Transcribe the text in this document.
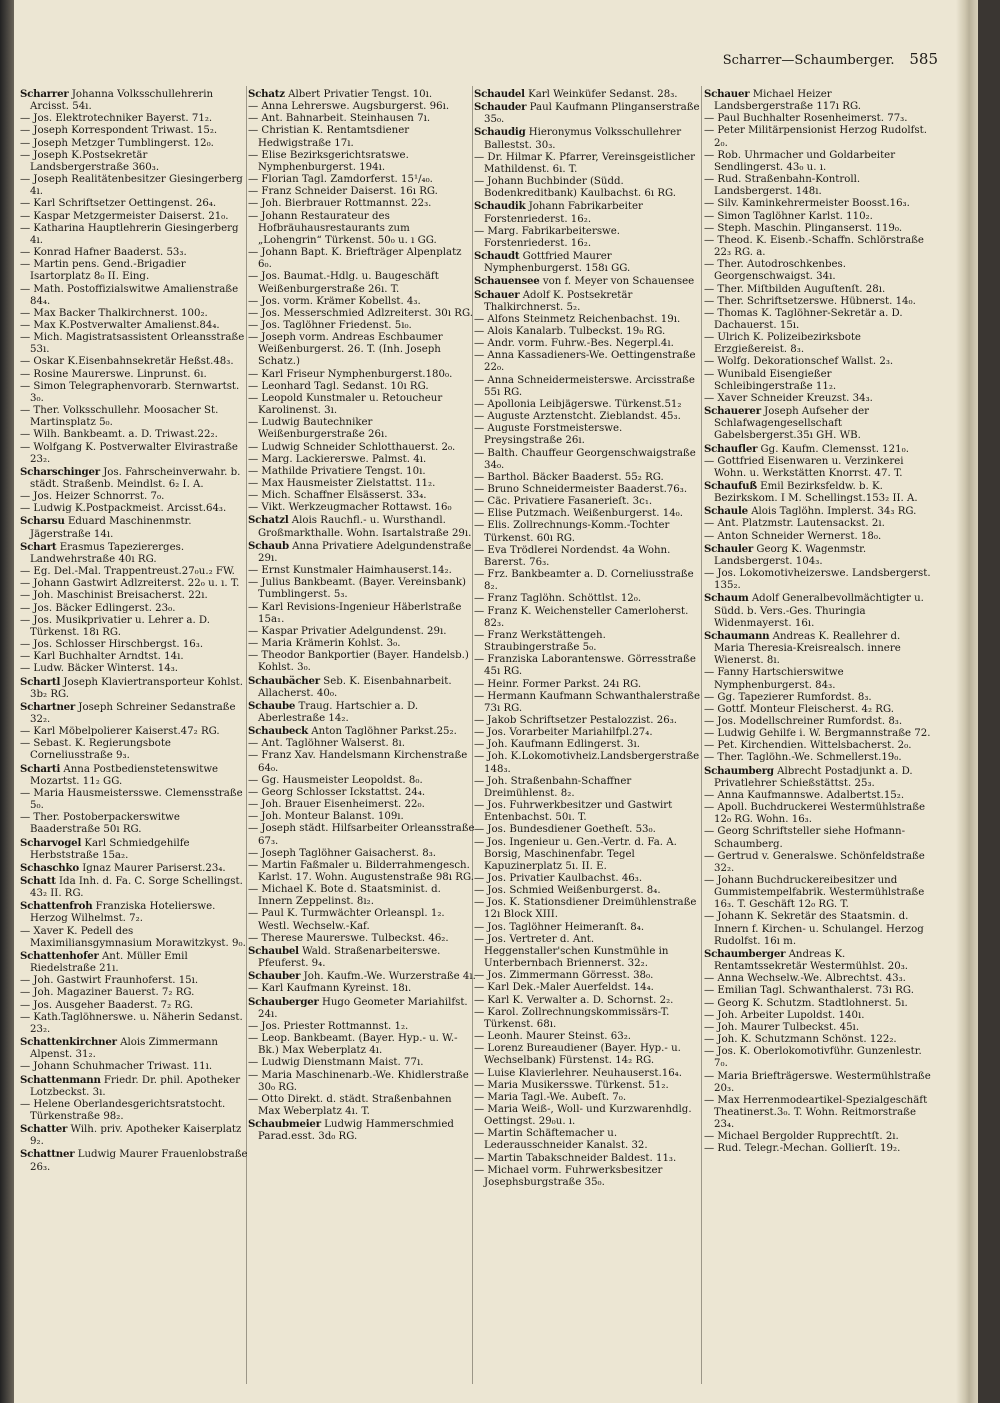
Scharrer—Schaumberger. 585

Scharrer Johanna Volksschullehrerin Arcisst. 54ı.

— Jos. Elektrotechniker Bayerst. 71₂.

— Joseph Korrespondent Triwast. 15₂.

— Joseph Metzger Tumblingerst. 12₀.

— Joseph K.Postsekretär Landsbergerstraße 360₃.

— Joseph Realitätenbesitzer Giesingerberg 4ı.

— Karl Schriftsetzer Oettingenst. 26₄.

— Kaspar Metzgermeister Daiserst. 21₀.

— Katharina Hauptlehrerin Giesingerberg 4ı.

— Konrad Hafner Baaderst. 53₃.

— Martin pens. Gend.-Brigadier Isartorplatz 8₀ II. Eing.

— Math. Postoffizialswitwe Amalienstraße 84₄.

— Max Backer Thalkirchnerst. 100₂.

— Max K.Postverwalter Amalienst.84₄.

— Mich. Magistratsassistent Orleansstraße 53ı.

— Oskar K.Eisenbahnsekretär Heßst.48₃.

— Rosine Maurerswe. Linprunst. 6ı.

— Simon Telegraphenvorarb. Sternwartst. 3₀.

— Ther. Volksschullehr. Moosacher St. Martinsplatz 5₀.

— Wilh. Bankbeamt. a. D. Triwast.22₂.

— Wolfgang K. Postverwalter Elvirastraße 23₂.

Scharschinger Jos. Fahrscheinverwahr. b. städt. Straßenb. Meindlst. 6₂ I. A.

— Jos. Heizer Schnorrst. 7₀.

— Ludwig K.Postpackmeist. Arcisst.64₃.

Scharsu Eduard Maschinenmstr. Jägerstraße 14ı.

Schart Erasmus Tapeziererges. Landwehrstraße 40ı RG.

— Eg. Del.-Mal. Trappentreust.27₀u.₂ FW.

— Johann Gastwirt Adlzreiterst. 22₀ u. ı. T.

— Joh. Maschinist Breisacherst. 22ı.

— Jos. Bäcker Edlingerst. 23₀.

— Jos. Musikprivatier u. Lehrer a. D. Türkenst. 18ı RG.

— Jos. Schlosser Hirschbergst. 16₃.

— Karl Buchhalter Arndtst. 14ı.

— Ludw. Bäcker Winterst. 14₃.

Schartl Joseph Klaviertransporteur Kohlst. 3b₂ RG.

Schartner Joseph Schreiner Sedanstraße 32₂.

— Karl Möbelpolierer Kaiserst.47₂ RG.

— Sebast. K. Regierungsbote Corneliusstraße 9₃.

Scharti Anna Postbedienstetenswitwe Mozartst. 11₂ GG.

— Maria Hausmeistersswe. Clemensstraße 5₀.

— Ther. Postoberpackerswitwe Baaderstraße 50ı RG.

Scharvogel Karl Schmiedgehilfe Herbststraße 15a₂.

Schaschko Ignaz Maurer Pariserst.23₄.

Schatt Ida Inh. d. Fa. C. Sorge Schellingst. 43₂ II. RG.

Schattenfroh Franziska Hotelierswe. Herzog Wilhelmst. 7₂.

— Xaver K. Pedell des Maximiliansgymnasium Morawitzkyst. 9₀.

Schattenhofer Ant. Müller Emil Riedelstraße 21ı.

— Joh. Gastwirt Fraunhoferst. 15ı.

— Joh. Magaziner Bauerst. 7₂ RG.

— Jos. Ausgeher Baaderst. 7₂ RG.

— Kath.Taglöhnerswe. u. Näherin Sedanst. 23₂.

Schattenkirchner Alois Zimmermann Alpenst. 31₂.

— Johann Schuhmacher Triwast. 11ı.

Schattenmann Friedr. Dr. phil. Apotheker Lotzbeckst. 3ı.

— Helene Oberlandesgerichtsratstocht. Türkenstraße 98₂.

Schatter Wilh. priv. Apotheker Kaiserplatz 9₂.

Schattner Ludwig Maurer Frauenlobstraße 26₃.

Schatz Albert Privatier Tengst. 10ı.

— Anna Lehrerswe. Augsburgerst. 96ı.

— Ant. Bahnarbeit. Steinhausen 7ı.

— Christian K. Rentamtsdiener Hedwigstraße 17ı.

— Elise Bezirksgerichtsratswe. Nymphenburgerst. 194ı.

— Florian Tagl. Zamdorferst. 15¹/₄₀.

— Franz Schneider Daiserst. 16ı RG.

— Joh. Bierbrauer Rottmannst. 22₃.

— Johann Restaurateur des Hofbräuhausrestaurants zum „Lohengrin“ Türkenst. 50₀ u. ı GG.

— Johann Bapt. K. Briefträger Alpenplatz 6₀.

— Jos. Baumat.-Hdlg. u. Baugeschäft Weißenburgerstraße 26ı. T.

— Jos. vorm. Krämer Kobellst. 4₃.

— Jos. Messerschmied Adlzreiterst. 30ı RG.

— Jos. Taglöhner Friedenst. 5ı₀.

— Joseph vorm. Andreas Eschbaumer Weißenburgerst. 26. T. (Inh. Joseph Schatz.)

— Karl Friseur Nymphenburgerst.180₀.

— Leonhard Tagl. Sedanst. 10ı RG.

— Leopold Kunstmaler u. Retoucheur Karolinenst. 3ı.

— Ludwig Bautechniker Weißenburgerstraße 26ı.

— Ludwig Schneider Schlotthauerst. 2₀.

— Marg. Lackiererswe. Palmst. 4ı.

— Mathilde Privatiere Tengst. 10ı.

— Max Hausmeister Zielstattst. 11₂.

— Mich. Schaffner Elsässerst. 33₄.

— Vikt. Werkzeugmacher Rottawst. 16₀

Schatzl Alois Rauchfl.- u. Wursthandl. Großmarkthalle. Wohn. Isartalstraße 29ı.

Schaub Anna Privatiere Adelgundenstraße 29ı.

— Ernst Kunstmaler Haimhauserst.14₂.

— Julius Bankbeamt. (Bayer. Vereinsbank) Tumblingerst. 5₃.

— Karl Revisions-Ingenieur Häberlstraße 15a₁.

— Kaspar Privatier Adelgundenst. 29ı.

— Maria Krämerin Kohlst. 3₀.

— Theodor Bankportier (Bayer. Handelsb.) Kohlst. 3₀.

Schaubächer Seb. K. Eisenbahnarbeit. Allacherst. 40₀.

Schaube Traug. Hartschier a. D. Aberlestraße 14₂.

Schaubeck Anton Taglöhner Parkst.25₂.

— Ant. Taglöhner Walserst. 8ı.

— Franz Xav. Handelsmann Kirchenstraße 64₀.

— Gg. Hausmeister Leopoldst. 8₀.

— Georg Schlosser Ickstattst. 24₄.

— Joh. Brauer Eisenheimerst. 22₀.

— Joh. Monteur Balanst. 109ı.

— Joseph städt. Hilfsarbeiter Orleansstraße 67₃.

— Joseph Taglöhner Gaisacherst. 8₃.

— Martin Faßmaler u. Bilderrahmengesch. Karlst. 17. Wohn. Augustenstraße 98ı RG.

— Michael K. Bote d. Staatsminist. d. Innern Zeppelinst. 8ı₂.

— Paul K. Turmwächter Orleanspl. 1₂. Westl. Wechselw.-Kaf.

— Therese Maurerswe. Tulbeckst. 46₂.

Schaubel Wald. Straßenarbeiterswe. Pfeuferst. 9₄.

Schauber Joh. Kaufm.-We. Wurzerstraße 4ı.

— Karl Kaufmann Kyreinst. 18ı.

Schauberger Hugo Geometer Mariahilfst. 24ı.

— Jos. Priester Rottmannst. 1₂.

— Leop. Bankbeamt. (Bayer. Hyp.- u. W.-Bk.) Max Weberplatz 4ı.

— Ludwig Dienstmann Maist. 77ı.

— Maria Maschinenarb.-We. Khidlerstraße 30₀ RG.

— Otto Direkt. d. städt. Straßenbahnen Max Weberplatz 4ı. T.

Schaubmeier Ludwig Hammerschmied Parad.esst. 3d₀ RG.

Schaudel Karl Weinküfer Sedanst. 28₃.

Schauder Paul Kaufmann Plinganserstraße 35₀.

Schaudig Hieronymus Volksschullehrer Ballestst. 30₃.

— Dr. Hilmar K. Pfarrer, Vereinsgeistlicher Mathildenst. 6ı. T.

— Johann Buchbinder (Südd. Bodenkreditbank) Kaulbachst. 6ı RG.

Schaudik Johann Fabrikarbeiter Forstenriederst. 16₂.

— Marg. Fabrikarbeiterswe. Forstenriederst. 16₂.

Schaudt Gottfried Maurer Nymphenburgerst. 158ı GG.

Schauensee von f. Meyer von Schauensee

Schauer Adolf K. Postsekretär Thalkirchnerst. 5₂.

— Alfons Steinmetz Reichenbachst. 19ı.

— Alois Kanalarb. Tulbeckst. 19₀ RG.

— Andr. vorm. Fuhrw.-Bes. Negerpl.4ı.

— Anna Kassadieners-We. Oettingenstraße 22₀.

— Anna Schneidermeisterswe. Arcisstraße 55ı RG.

— Apollonia Leibjägerswe. Türkenst.51₂

— Auguste Arztenstcht. Zieblandst. 45₃.

— Auguste Forstmeisterswe. Preysingstraße 26ı.

— Balth. Chauffeur Georgenschwaigstraße 34₀.

— Barthol. Bäcker Baaderst. 55₂ RG.

— Bruno Schneidermeister Baaderst.76₃.

— Cäc. Privatiere Fasanerieſt. 3c₁.

— Elise Putzmach. Weißenburgerst. 14₀.

— Elis. Zollrechnungs-Komm.-Tochter Türkenst. 60ı RG.

— Eva Trödlerei Nordendst. 4a Wohn. Barerst. 76₃.

— Frz. Bankbeamter a. D. Corneliusstraße 8₂.

— Franz Taglöhn. Schöttlst. 12₀.

— Franz K. Weichensteller Camerloherst. 82₃.

— Franz Werkstättengeh. Straubingerstraße 5₀.

— Franziska Laborantenswe. Görresstraße 45ı RG.

— Heinr. Former Parkst. 24ı RG.

— Hermann Kaufmann Schwanthalerstraße 73ı RG.

— Jakob Schriftsetzer Pestalozzist. 26₃.

— Jos. Vorarbeiter Mariahilfpl.27₄.

— Joh. Kaufmann Edlingerst. 3ı.

— Joh. K.Lokomotivheiz.Landsbergerstraße 148₃.

— Joh. Straßenbahn-Schaffner Dreimühlenst. 8₂.

— Jos. Fuhrwerkbesitzer und Gastwirt Entenbachst. 50ı. T.

— Jos. Bundesdiener Goetheſt. 53₀.

— Jos. Ingenieur u. Gen.-Vertr. d. Fa. A. Borsig, Maschinenfabr. Tegel Kapuzinerplatz 5ı. II. E.

— Jos. Privatier Kaulbachst. 46₃.

— Jos. Schmied Weißenburgerst. 8₄.

— Jos. K. Stationsdiener Dreimühlenstraße 12ı Block XIII.

— Jos. Taglöhner Heimeranſt. 8₄.

— Jos. Vertreter d. Ant. Heggenstaller'schen Kunstmühle in Unterbernbach Briennerst. 32₂.

— Jos. Zimmermann Görresst. 38₀.

— Karl Dek.-Maler Auerfeldst. 14₄.

— Karl K. Verwalter a. D. Schornst. 2₂.

— Karol. Zollrechnungskommissärs-T. Türkenst. 68ı.

— Leonh. Maurer Steinst. 63₂.

— Lorenz Bureaudiener (Bayer. Hyp.- u. Wechselbank) Fürstenst. 14₂ RG.

— Luise Klavierlehrer. Neuhauserst.16₄.

— Maria Musikersswe. Türkenst. 51₂.

— Maria Tagl.-We. Aubeſt. 7₀.

— Maria Weiß-, Woll- und Kurzwarenhdlg. Oettingst. 29₀u. ı.

— Martin Schäftemacher u. Lederausschneider Kanalst. 32.

— Martin Tabakschneider Baldest. 11₃.

— Michael vorm. Fuhrwerksbesitzer Josephsburgstraße 35₀.

Schauer Michael Heizer Landsbergerstraße 117ı RG.

— Paul Buchhalter Rosenheimerst. 77₃.

— Peter Militärpensionist Herzog Rudolfst. 2₀.

— Rob. Uhrmacher und Goldarbeiter Sendlingerst. 43₀ u. ı.

— Rud. Straßenbahn-Kontroll. Landsbergerst. 148ı.

— Silv. Kaminkehrermeister Boosst.16₃.

— Simon Taglöhner Karlst. 110₂.

— Steph. Maschin. Plinganserst. 119₀.

— Theod. K. Eisenb.-Schaffn. Schlörstraße 22₃ RG. a.

— Ther. Autodroschkenbes. Georgenschwaigst. 34ı.

— Ther. Miſtbilden Auguſtenſt. 28ı.

— Ther. Schriftsetzerswe. Hübnerst. 14₀.

— Thomas K. Taglöhner-Sekretär a. D. Dachauerst. 15ı.

— Ulrich K. Polizeibezirksbote Erzgießereist. 8₃.

— Wolfg. Dekorationschef Wallst. 2₃.

— Wunibald Eisengießer Schleibingerstraße 11₂.

— Xaver Schneider Kreuzst. 34₃.

Schauerer Joseph Aufseher der Schlafwagengesellschaft Gabelsbergerst.35ı GH. WB.

Schaufler Gg. Kaufm. Clemensst. 121₀.

— Gottfried Eisenwaren u. Verzinkerei Wohn. u. Werkstätten Knorrst. 47. T.

Schaufuß Emil Bezirksfeldw. b. K. Bezirkskom. I M. Schellingst.153₂ II. A.

Schaule Alois Taglöhn. Implerst. 34₃ RG.

— Ant. Platzmstr. Lautensackst. 2ı.

— Anton Schneider Wernerst. 18₀.

Schauler Georg K. Wagenmstr. Landsbergerst. 104₃.

— Jos. Lokomotivheizerswe. Landsbergerst. 135₂.

Schaum Adolf Generalbevollmächtigter u. Südd. b. Vers.-Ges. Thuringia Widenmayerst. 16ı.

Schaumann Andreas K. Reallehrer d. Maria Theresia-Kreisrealsch. innere Wienerst. 8ı.

— Fanny Hartschierswitwe Nymphenburgerst. 84₃.

— Gg. Tapezierer Rumfordst. 8₃.

— Gottf. Monteur Fleischerst. 4₂ RG.

— Jos. Modellschreiner Rumfordst. 8₃.

— Ludwig Gehilfe i. W. Bergmannstraße 72.

— Pet. Kirchendien. Wittelsbacherst. 2₀.

— Ther. Taglöhn.-We. Schmellerst.19₀.

Schaumberg Albrecht Postadjunkt a. D. Privatlehrer Schießstättst. 25₃.

— Anna Kaufmannswe. Adalbertst.15₂.

— Apoll. Buchdruckerei Westermühlstraße 12₀ RG. Wohn. 16₃.

— Georg Schriftsteller siehe Hofmann-Schaumberg.

— Gertrud v. Generalswe. Schönfeldstraße 32₂.

— Johann Buchdruckereibesitzer und Gummistempelfabrik. Westermühlstraße 16₃. T. Geschäft 12₀ RG. T.

— Johann K. Sekretär des Staatsmin. d. Innern f. Kirchen- u. Schulangel. Herzog Rudolfst. 16ı m.

Schaumberger Andreas K. Rentamtssekretär Westermühlst. 20₃.

— Anna Wechselw.-We. Albrechtst. 43₃.

— Emilian Tagl. Schwanthalerst. 73ı RG.

— Georg K. Schutzm. Stadtlohnerst. 5ı.

— Joh. Arbeiter Lupoldst. 140ı.

— Joh. Maurer Tulbeckst. 45ı.

— Joh. K. Schutzmann Schönst. 122₂.

— Jos. K. Oberlokomotivführ. Gunzenlestr. 7₀.

— Maria Briefträgerswe. Westermühlstraße 20₃.

— Max Herrenmodeartikel-Spezialgeschäft Theatinerst.3₀. T. Wohn. Reitmorstraße 23₄.

— Michael Bergolder Rupprechtſt. 2ı.

— Rud. Telegr.-Mechan. Gollierſt. 19₂.
